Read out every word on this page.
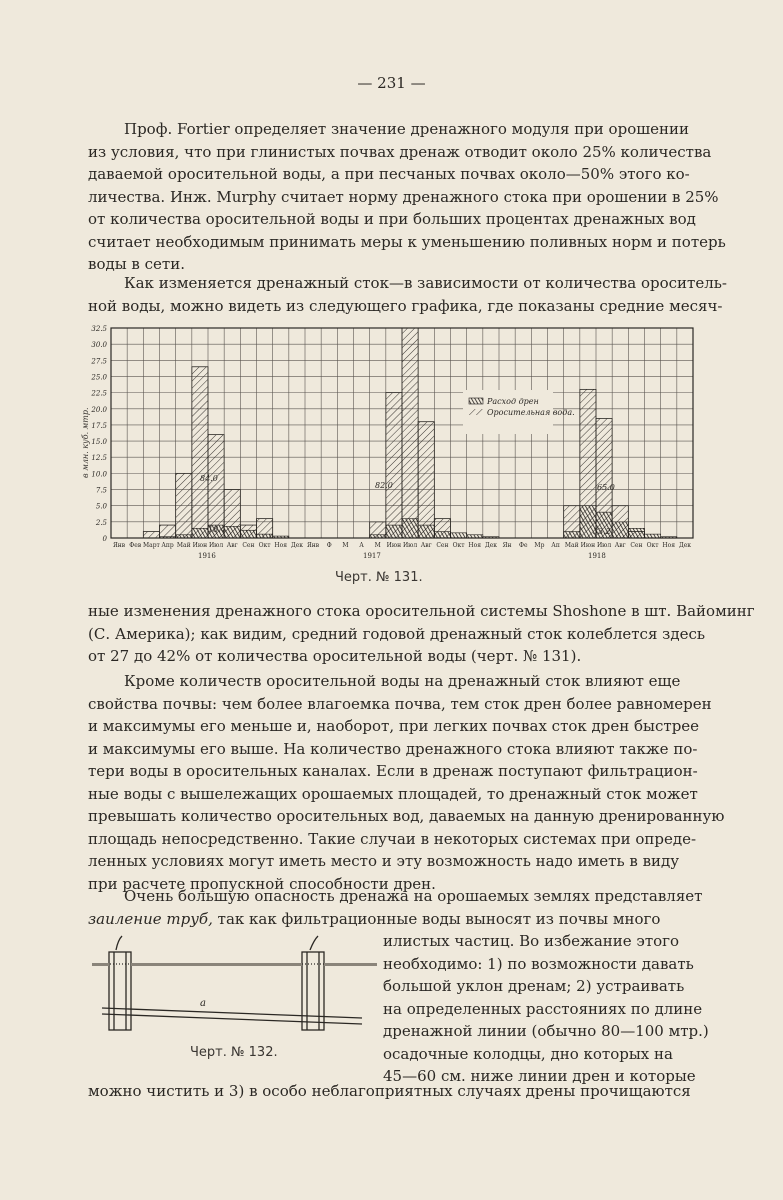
— 231 —
Проф. Fortier определяет значение дренажного модуля при орошении
из условия, что при глинистых почвах дренаж отводит около 25% количества
даваемой оросительной воды, а при песчаных почвах около—50% этого ко-
личества. Инж. Murphy считает норму дренажного стока при орошении в 25%
от количества оросительной воды и при больших процентах дренажных вод
считает необходимым принимать меры к уменьшению поливных норм и потерь
воды в сети.
Как изменяется дренажный сток—в зависимости от количества ороситель-
ной воды, можно видеть из следующего графика, где показаны средние месяч-
32.5
30.0
27.5
25.0
22.5
20.0
17.5
15.0
12.5
10.0
7.5
5.0
2.5
0
Янв Фев Март Апр Май Июн Июл Авг Сен Окт Ноя Дек Янв Ф М А М Июн Июл Авг Сен Окт Ноя Дек Ян Фе Мр Ап Май Июн Июл Авг Сен Окт Ноя Дек
в млн. куб. мтр.
Расход дрен
Оросительная вода.
84.0
18.4
82.0	65.0
33.2
1916	1917	1918
Черт. № 131.
ные изменения дренажного стока оросительной системы Shoshone в шт. Вайоминг
(С. Америка); как видим, средний годовой дренажный сток колеблется здесь
от 27 до 42% от количества оросительной воды (черт. № 131).
Кроме количеств оросительной воды на дренажный сток влияют еще
свойства почвы: чем более влагоемка почва, тем сток дрен более равномерен
и максимумы его меньше и, наоборот, при легких почвах сток дрен быстрее
и максимумы его выше. На количество дренажного стока влияют также по-
тери воды в оросительных каналах. Если в дренаж поступают фильтрацион-
ные воды с вышележащих орошаемых площадей, то дренажный сток может
превышать количество оросительных вод, даваемых на данную дренированную
площадь непосредственно. Такие случаи в некоторых системах при опреде-
ленных условиях могут иметь место и эту возможность надо иметь в виду
при расчете пропускной способности дрен.
Очень большую опасность дренажа на орошаемых землях представляет
заиление труб, так как фильтрационные воды выносят из почвы много
илистых частиц. Во избежание этого
необходимо: 1) по возможности давать
большой уклон дренам; 2) устраивать
на определенных расстояниях по длине
дренажной линии (обычно 80—100 мтр.)
осадочные колодцы, дно которых на
45—60 см. ниже линии дрен и которые
a
Черт. № 132.
можно чистить и 3) в особо неблагоприятных случаях дрены прочищаются
